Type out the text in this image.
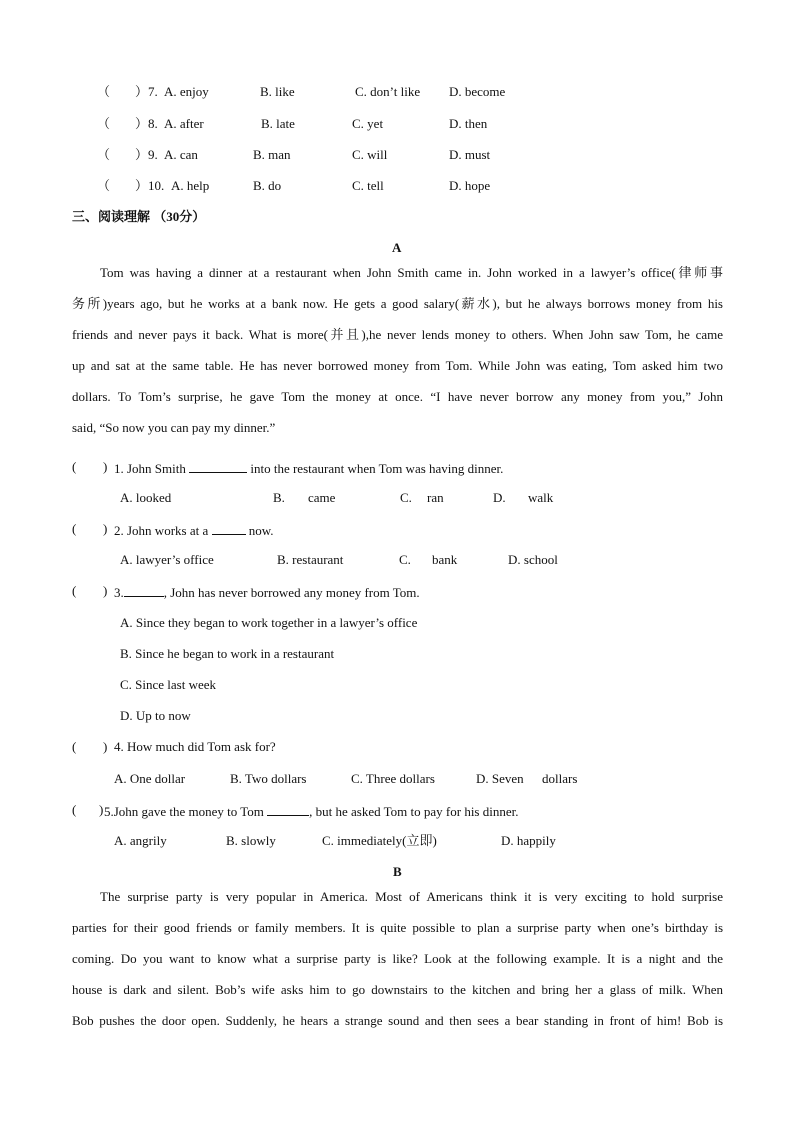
（ ） 7. A. enjoy	B. like	C. don’t like D. become
（ ） 8. A. after	B. late	C. yet	D. then
（ ） 9. A. can	B. man	C. will	D. must
（ ） 10. A. help	B. do	C. tell	D. hope
三、阅读理解 （30分）
A
Tom was having a dinner at a restaurant when John Smith came in. John worked in a lawyer’s office(律师事
务所)years ago, but he works at a bank now. He gets a good salary(薪水), but he always borrows money from his
friends and never pays it back. What is more(并且),he never lends money to others. When John saw Tom, he came
up and sat at the same table. He has never borrowed money from Tom. While John was eating, Tom asked him two
dollars. To Tom’s surprise, he gave Tom the money at once. “I have never borrow any money from you,” John
said, “So now you can pay my dinner.”
( ) 1. John Smith	into the restaurant when Tom was having dinner.
A. looked	B. came	C. ran	D. walk
( ) 2. John works at a	now.
A. lawyer’s office	B. restaurant	C. bank	D. school
( ) 3.	, John has never borrowed any money from Tom.
A. Since they began to work together in a lawyer’s office
B. Since he began to work in a restaurant
C. Since last week
D. Up to now
( ) 4. How much did Tom ask for?
A. One dollar	B. Two dollars	C. Three dollars	D. Seven dollars
( ) 5.John gave the money to Tom	, but he asked Tom to pay for his dinner.
A. angrily	B. slowly	C. immediately(立即)	D. happily
B
The surprise party is very popular in America. Most of Americans think it is very exciting to hold surprise
parties for their good friends or family members. It is quite possible to plan a surprise party when one’s birthday is
coming. Do you want to know what a surprise party is like? Look at the following example. It is a night and the
house is dark and silent. Bob’s wife asks him to go downstairs to the kitchen and bring her a glass of milk. When
Bob pushes the door open. Suddenly, he hears a strange sound and then sees a bear standing in front of him! Bob is
